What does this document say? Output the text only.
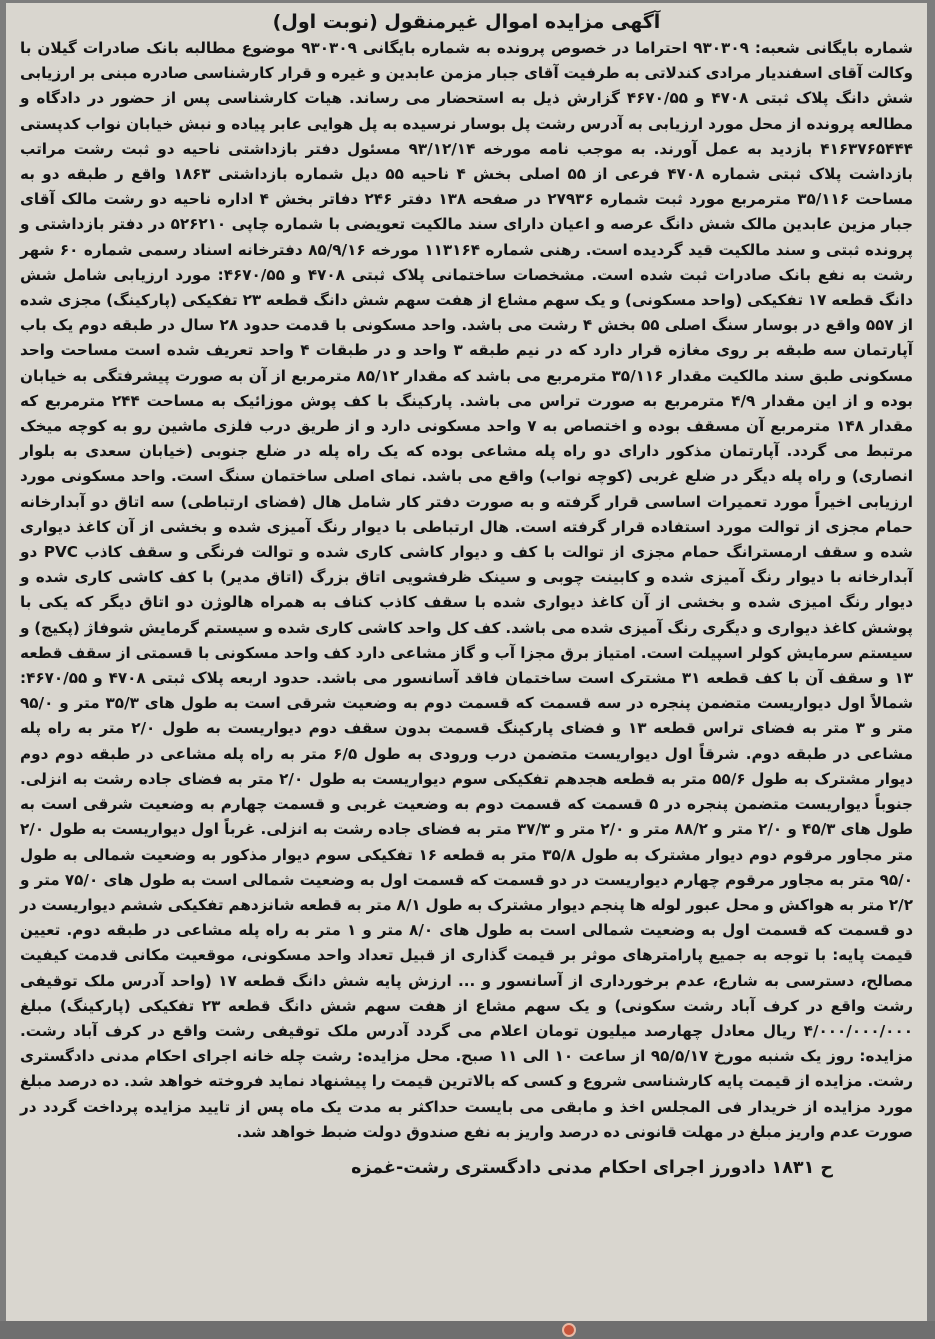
آگهی مزایده اموال غیرمنقول (نوبت اول)

شماره بایگانی شعبه: ۹۳۰۳۰۹ احتراما در خصوص پرونده به شماره بایگانی ۹۳۰۳۰۹ موضوع مطالبه بانک صادرات گیلان با وکالت آقای اسفندیار مرادی کندلاتی به طرفیت آقای جبار مزمن عابدین و غیره و قرار کارشناسی صادره مبنی بر ارزیابی شش دانگ پلاک ثبتی ۴۷۰۸ و ۴۶۷۰/۵۵ گزارش ذیل به استحضار می رساند. هیات کارشناسی پس از حضور در دادگاه و مطالعه پرونده از محل مورد ارزیابی به آدرس رشت پل بوسار نرسیده به پل هوایی عابر پیاده و نبش خیابان نواب کدپستی ۴۱۶۳۷۶۵۴۴۴ بازدید به عمل آورند. به موجب نامه مورخه ۹۳/۱۲/۱۴ مسئول دفتر بازداشتی ناحیه دو ثبت رشت مراتب بازداشت پلاک ثبتی شماره ۴۷۰۸ فرعی از ۵۵ اصلی بخش ۴ ناحیه ۵۵ دیل شماره بازداشتی ۱۸۶۳ واقع ر طبقه دو به مساحت ۳۵/۱۱۶ مترمربع مورد ثبت شماره ۲۷۹۳۶ در صفحه ۱۳۸ دفتر ۲۴۶ دفاتر بخش ۴ اداره ناحیه دو رشت مالک آقای جبار مزین عابدین مالک شش دانگ عرصه و اعیان دارای سند مالکیت تعویضی با شماره چاپی ۵۲۶۲۱۰ در دفتر بازداشتی و پرونده ثبتی و سند مالکیت قید گردیده است. رهنی شماره ۱۱۳۱۶۴ مورخه ۸۵/۹/۱۶ دفترخانه اسناد رسمی شماره ۶۰ شهر رشت به نفع بانک صادرات ثبت شده است. مشخصات ساختمانی پلاک ثبتی ۴۷۰۸ و ۴۶۷۰/۵۵: مورد ارزیابی شامل شش دانگ قطعه ۱۷ تفکیکی (واحد مسکونی) و یک سهم مشاع از هفت سهم شش دانگ قطعه ۲۳ تفکیکی (پارکینگ) مجزی شده از ۵۵۷ واقع در بوسار سنگ اصلی ۵۵ بخش ۴ رشت می باشد. واحد مسکونی با قدمت حدود ۲۸ سال در طبقه دوم یک باب آپارتمان سه طبقه بر روی مغازه قرار دارد که در نیم طبقه ۳ واحد و در طبقات ۴ واحد تعریف شده است مساحت واحد مسکونی طبق سند مالکیت مقدار ۳۵/۱۱۶ مترمربع می باشد که مقدار ۸۵/۱۲ مترمربع از آن به صورت پیشرفتگی به خیابان بوده و از این مقدار ۴/۹ مترمربع به صورت تراس می باشد. پارکینگ با کف پوش موزائیک به مساحت ۲۴۴ مترمربع که مقدار ۱۴۸ مترمربع آن مسقف بوده و اختصاص به ۷ واحد مسکونی دارد و از طریق درب فلزی ماشین رو به کوچه میخک مرتبط می گردد. آپارتمان مذکور دارای دو راه پله مشاعی بوده که یک راه پله در ضلع جنوبی (خیابان سعدی به بلوار انصاری) و راه پله دیگر در ضلع غربی (کوچه نواب) واقع می باشد. نمای اصلی ساختمان سنگ است. واحد مسکونی مورد ارزیابی اخیراً مورد تعمیرات اساسی قرار گرفته و به صورت دفتر کار شامل هال (فضای ارتباطی) سه اتاق دو آبدارخانه حمام مجزی از توالت مورد استفاده قرار گرفته است. هال ارتباطی با دیوار رنگ آمیزی شده و بخشی از آن کاغذ دیواری شده و سقف ارمسترانگ حمام مجزی از توالت با کف و دیوار کاشی کاری شده و توالت فرنگی و سقف کاذب PVC دو آبدارخانه با دیوار رنگ آمیزی شده و کابینت چوبی و سینک ظرفشویی اتاق بزرگ (اتاق مدیر) با کف کاشی کاری شده و دیوار رنگ امیزی شده و بخشی از آن کاغذ دیواری شده با سقف کاذب کناف به همراه هالوژن دو اتاق دیگر که یکی با پوشش کاغذ دیواری و دیگری رنگ آمیزی شده می باشد. کف کل واحد کاشی کاری شده و سیستم گرمایش شوفاژ (پکیج) و سیستم سرمایش کولر اسپیلت است. امتیاز برق مجزا آب و گاز مشاعی دارد کف واحد مسکونی با قسمتی از سقف قطعه ۱۳ و سقف آن با کف قطعه ۳۱ مشترک است ساختمان فاقد آسانسور می باشد. حدود اربعه پلاک ثبتی ۴۷۰۸ و ۴۶۷۰/۵۵: شمالاً اول دیواریست متضمن پنجره در سه قسمت که قسمت دوم به وضعیت شرقی است به طول های ۳۵/۳ متر و ۹۵/۰ متر و ۳ متر به فضای تراس قطعه ۱۳ و فضای پارکینگ قسمت بدون سقف دوم دیواریست به طول ۲/۰ متر به راه پله مشاعی در طبقه دوم. شرقاً اول دیواریست متضمن درب ورودی به طول ۶/۵ متر به راه پله مشاعی در طبقه دوم دوم دیوار مشترک به طول ۵۵/۶ متر به قطعه هجدهم تفکیکی سوم دیواریست به طول ۲/۰ متر به فضای جاده رشت به انزلی. جنوباً دیواریست متضمن پنجره در ۵ قسمت که قسمت دوم به وضعیت غربی و قسمت چهارم به وضعیت شرقی است به طول های ۴۵/۳ و ۲/۰ متر و ۸۸/۲ متر و ۲/۰ متر و ۳۷/۳ متر به فضای جاده رشت به انزلی. غرباً اول دیواریست به طول ۲/۰ متر مجاور مرقوم دوم دیوار مشترک به طول ۳۵/۸ متر به قطعه ۱۶ تفکیکی سوم دیوار مذکور به وضعیت شمالی به طول ۹۵/۰ متر به مجاور مرقوم چهارم دیواریست در دو قسمت که قسمت اول به وضعیت شمالی است به طول های ۷۵/۰ متر و ۲/۲ متر به هواکش و محل عبور لوله ها پنجم دیوار مشترک به طول ۸/۱ متر به قطعه شانزدهم تفکیکی ششم دیواریست در دو قسمت که قسمت اول به وضعیت شمالی است به طول های ۸/۰ متر و ۱ متر به راه پله مشاعی در طبقه دوم. تعیین قیمت پایه: با توجه به جمیع پارامترهای موثر بر قیمت گذاری از قبیل تعداد واحد مسکونی، موقعیت مکانی قدمت کیفیت مصالح، دسترسی به شارع، عدم برخورداری از آسانسور و ... ارزش پایه شش دانگ قطعه ۱۷ (واحد آدرس ملک توقیفی رشت واقع در کرف آباد رشت سکونی) و یک سهم مشاع از هفت سهم شش دانگ قطعه ۲۳ تفکیکی (پارکینگ) مبلغ ۴/۰۰۰/۰۰۰/۰۰۰ ریال معادل چهارصد میلیون تومان اعلام می گردد آدرس ملک توقیفی رشت واقع در کرف آباد رشت. مزایده: روز یک شنبه مورخ ۹۵/۵/۱۷ از ساعت ۱۰ الی ۱۱ صبح. محل مزایده: رشت چله خانه اجرای احکام مدنی دادگستری رشت. مزایده از قیمت پایه کارشناسی شروع و کسی که بالاترین قیمت را پیشنهاد نماید فروخته خواهد شد. ده درصد مبلغ مورد مزایده از خریدار فی المجلس اخذ و مابقی می بایست حداکثر به مدت یک ماه پس از تایید مزایده پرداخت گردد در صورت عدم واریز مبلغ در مهلت قانونی ده درصد واریز به نفع صندوق دولت ضبط خواهد شد.

ح ۱۸۳۱ دادورز اجرای احکام مدنی دادگستری رشت-غمزه
